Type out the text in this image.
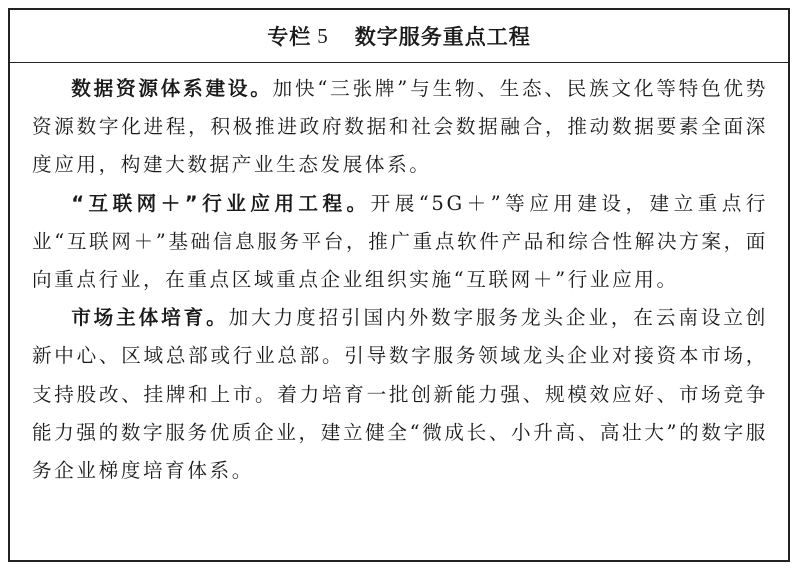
专栏 5 数字服务重点工程

数据资源体系建设。加快“三张牌”与生物、生态、民族文化等特色优势资源数字化进程，积极推进政府数据和社会数据融合，推动数据要素全面深度应用，构建大数据产业生态发展体系。

“互联网＋”行业应用工程。开展“5G＋”等应用建设，建立重点行业“互联网＋”基础信息服务平台，推广重点软件产品和综合性解决方案，面向重点行业，在重点区域重点企业组织实施“互联网＋”行业应用。

市场主体培育。加大力度招引国内外数字服务龙头企业，在云南设立创新中心、区域总部或行业总部。引导数字服务领域龙头企业对接资本市场，支持股改、挂牌和上市。着力培育一批创新能力强、规模效应好、市场竞争能力强的数字服务优质企业，建立健全“微成长、小升高、高壮大”的数字服务企业梯度培育体系。
